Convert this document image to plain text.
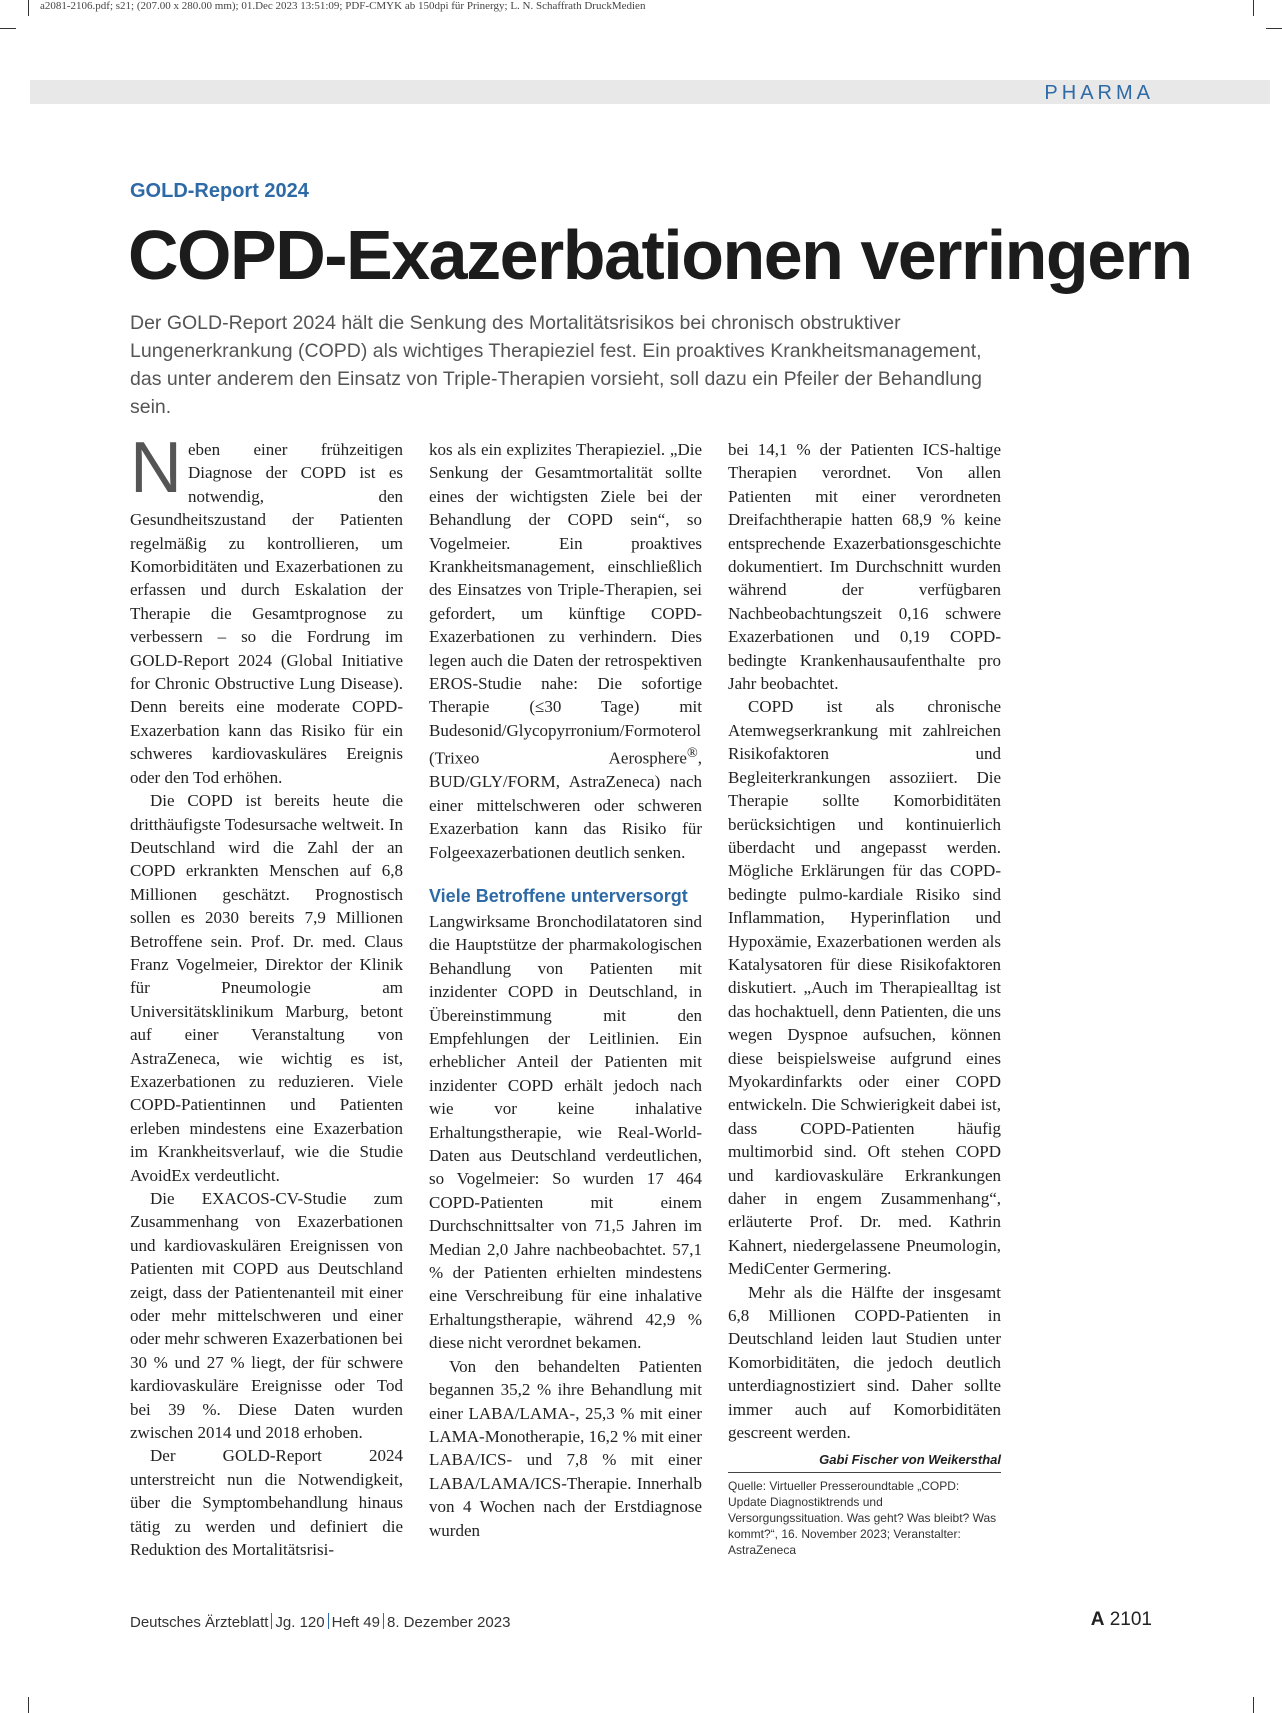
a2081-2106.pdf; s21; (207.00 x 280.00 mm); 01.Dec 2023 13:51:09; PDF-CMYK ab 150dpi für Prinergy; L. N. Schaffrath DruckMedien
PHARMA
GOLD-Report 2024
COPD-Exazerbationen verringern

Der GOLD-Report 2024 hält die Senkung des Mortalitätsrisikos bei chronisch obstruktiver Lungenerkrankung (COPD) als wichtiges Therapieziel fest. Ein proaktives Krankheitsmanagement, das unter anderem den Einsatz von Triple-Therapien vorsieht, soll dazu ein Pfeiler der Behandlung sein.

Neben einer frühzeitigen Diagnose der COPD ist es notwendig, den Gesundheitszustand der Patienten regelmäßig zu kontrollieren, um Komorbiditäten und Exazerbationen zu erfassen und durch Eskalation der Therapie die Gesamtprognose zu verbessern – so die Fordrung im GOLD-Report 2024 (Global Initiative for Chronic Obstructive Lung Disease). Denn bereits eine moderate COPD-Exazerbation kann das Risiko für ein schweres kardiovaskuläres Ereignis oder den Tod erhöhen.

Die COPD ist bereits heute die dritthäufigste Todesursache weltweit. In Deutschland wird die Zahl der an COPD erkrankten Menschen auf 6,8 Millionen geschätzt. Prognostisch sollen es 2030 bereits 7,9 Millionen Betroffene sein. Prof. Dr. med. Claus Franz Vogelmeier, Direktor der Klinik für Pneumologie am Universitätsklinikum Marburg, betont auf einer Veranstaltung von AstraZeneca, wie wichtig es ist, Exazerbationen zu reduzieren. Viele COPD-Patientinnen und Patienten erleben mindestens eine Exazerbation im Krankheitsverlauf, wie die Studie AvoidEx verdeutlicht.

Die EXACOS-CV-Studie zum Zusammenhang von Exazerbationen und kardiovaskulären Ereignissen von Patienten mit COPD aus Deutschland zeigt, dass der Patientenanteil mit einer oder mehr mittelschweren und einer oder mehr schweren Exazerbationen bei 30 % und 27 % liegt, der für schwere kardiovaskuläre Ereignisse oder Tod bei 39 %. Diese Daten wurden zwischen 2014 und 2018 erhoben.

Der GOLD-Report 2024 unterstreicht nun die Notwendigkeit, über die Symptombehandlung hinaus tätig zu werden und definiert die Reduktion des Mortalitätsrisi-

kos als ein explizites Therapieziel. „Die Senkung der Gesamtmortalität sollte eines der wichtigsten Ziele bei der Behandlung der COPD sein“, so Vogelmeier. Ein proaktives Krankheitsmanagement, einschließlich des Einsatzes von Triple-Therapien, sei gefordert, um künftige COPD-Exazerbationen zu verhindern. Dies legen auch die Daten der retrospektiven EROS-Studie nahe: Die sofortige Therapie (≤30 Tage) mit Budesonid/Glycopyrronium/Formoterol (Trixeo Aerosphere®, BUD/GLY/FORM, AstraZeneca) nach einer mittelschweren oder schweren Exazerbation kann das Risiko für Folgeexazerbationen deutlich senken.

Viele Betroffene unterversorgt

Langwirksame Bronchodilatatoren sind die Hauptstütze der pharmakologischen Behandlung von Patienten mit inzidenter COPD in Deutschland, in Übereinstimmung mit den Empfehlungen der Leitlinien. Ein erheblicher Anteil der Patienten mit inzidenter COPD erhält jedoch nach wie vor keine inhalative Erhaltungstherapie, wie Real-World-Daten aus Deutschland verdeutlichen, so Vogelmeier: So wurden 17 464 COPD-Patienten mit einem Durchschnittsalter von 71,5 Jahren im Median 2,0 Jahre nachbeobachtet. 57,1 % der Patienten erhielten mindestens eine Verschreibung für eine inhalative Erhaltungstherapie, während 42,9 % diese nicht verordnet bekamen.

Von den behandelten Patienten begannen 35,2 % ihre Behandlung mit einer LABA/LAMA-, 25,3 % mit einer LAMA-Monotherapie, 16,2 % mit einer LABA/ICS- und 7,8 % mit einer LABA/LAMA/ICS-Therapie. Innerhalb von 4 Wochen nach der Erstdiagnose wurden

bei 14,1 % der Patienten ICS-haltige Therapien verordnet. Von allen Patienten mit einer verordneten Dreifachtherapie hatten 68,9 % keine entsprechende Exazerbationsgeschichte dokumentiert. Im Durchschnitt wurden während der verfügbaren Nachbeobachtungszeit 0,16 schwere Exazerbationen und 0,19 COPD-bedingte Krankenhausaufenthalte pro Jahr beobachtet.

COPD ist als chronische Atemwegserkrankung mit zahlreichen Risikofaktoren und Begleiterkrankungen assoziiert. Die Therapie sollte Komorbiditäten berücksichtigen und kontinuierlich überdacht und angepasst werden. Mögliche Erklärungen für das COPD-bedingte pulmo-kardiale Risiko sind Inflammation, Hyperinflation und Hypoxämie, Exazerbationen werden als Katalysatoren für diese Risikofaktoren diskutiert. „Auch im Therapiealltag ist das hochaktuell, denn Patienten, die uns wegen Dyspnoe aufsuchen, können diese beispielsweise aufgrund eines Myokardinfarkts oder einer COPD entwickeln. Die Schwierigkeit dabei ist, dass COPD-Patienten häufig multimorbid sind. Oft stehen COPD und kardiovaskuläre Erkrankungen daher in engem Zusammenhang“, erläuterte Prof. Dr. med. Kathrin Kahnert, niedergelassene Pneumologin, MediCenter Germering.

Mehr als die Hälfte der insgesamt 6,8 Millionen COPD-Patienten in Deutschland leiden laut Studien unter Komorbiditäten, die jedoch deutlich unterdiagnostiziert sind. Daher sollte immer auch auf Komorbiditäten gescreent werden.
Gabi Fischer von Weikersthal

Quelle: Virtueller Presseroundtable „COPD: Update Diagnostiktrends und Versorgungssituation. Was geht? Was bleibt? Was kommt?“, 16. November 2023; Veranstalter: AstraZeneca
Deutsches Ärzteblatt Jg. 120 Heft 49 8. Dezember 2023	A 2101
